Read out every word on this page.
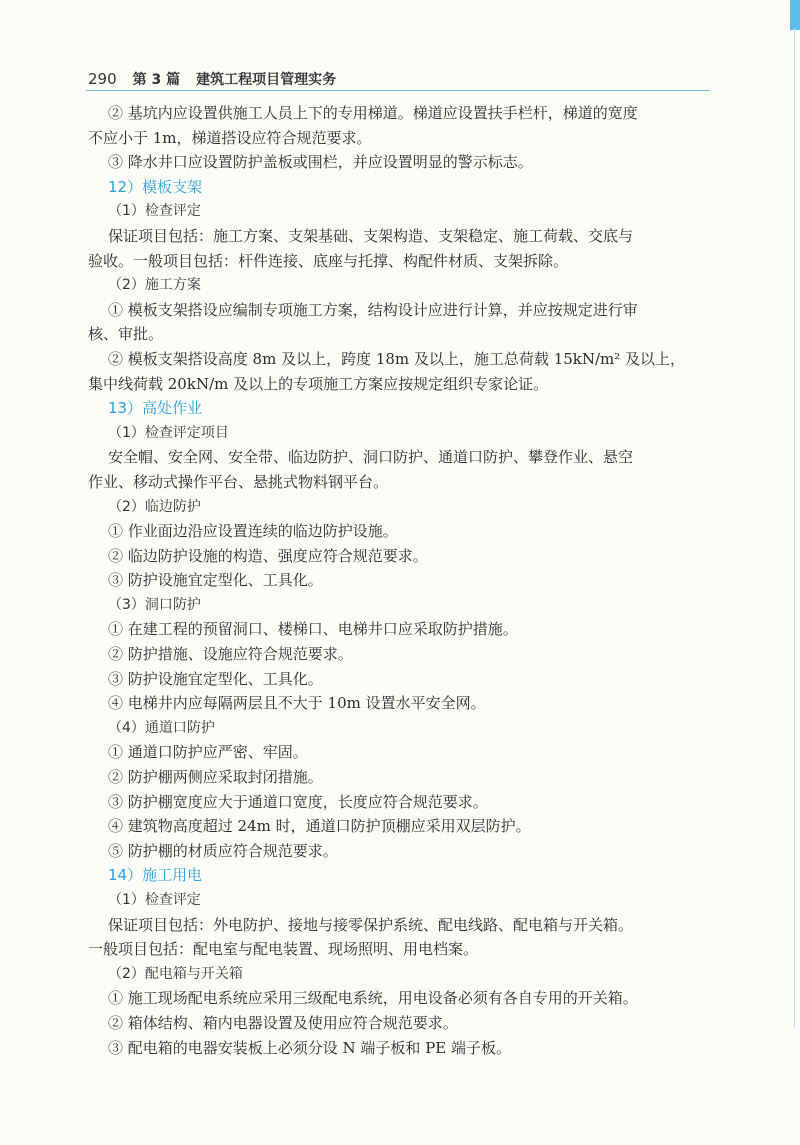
290 第 3 篇 建筑工程项目管理实务
② 基坑内应设置供施工人员上下的专用梯道。梯道应设置扶手栏杆，梯道的宽度
不应小于 1m，梯道搭设应符合规范要求。
③ 降水井口应设置防护盖板或围栏，并应设置明显的警示标志。
12）模板支架
（1）检查评定
保证项目包括：施工方案、支架基础、支架构造、支架稳定、施工荷载、交底与
验收。一般项目包括：杆件连接、底座与托撑、构配件材质、支架拆除。
（2）施工方案
① 模板支架搭设应编制专项施工方案，结构设计应进行计算，并应按规定进行审
核、审批。
② 模板支架搭设高度 8m 及以上，跨度 18m 及以上，施工总荷载 15kN/m² 及以上，
集中线荷载 20kN/m 及以上的专项施工方案应按规定组织专家论证。
13）高处作业
（1）检查评定项目
安全帽、安全网、安全带、临边防护、洞口防护、通道口防护、攀登作业、悬空
作业、移动式操作平台、悬挑式物料钢平台。
（2）临边防护
① 作业面边沿应设置连续的临边防护设施。
② 临边防护设施的构造、强度应符合规范要求。
③ 防护设施宜定型化、工具化。
（3）洞口防护
① 在建工程的预留洞口、楼梯口、电梯井口应采取防护措施。
② 防护措施、设施应符合规范要求。
③ 防护设施宜定型化、工具化。
④ 电梯井内应每隔两层且不大于 10m 设置水平安全网。
（4）通道口防护
① 通道口防护应严密、牢固。
② 防护棚两侧应采取封闭措施。
③ 防护棚宽度应大于通道口宽度，长度应符合规范要求。
④ 建筑物高度超过 24m 时，通道口防护顶棚应采用双层防护。
⑤ 防护棚的材质应符合规范要求。
14）施工用电
（1）检查评定
保证项目包括：外电防护、接地与接零保护系统、配电线路、配电箱与开关箱。
一般项目包括：配电室与配电装置、现场照明、用电档案。
（2）配电箱与开关箱
① 施工现场配电系统应采用三级配电系统，用电设备必须有各自专用的开关箱。
② 箱体结构、箱内电器设置及使用应符合规范要求。
③ 配电箱的电器安装板上必须分设 N 端子板和 PE 端子板。
